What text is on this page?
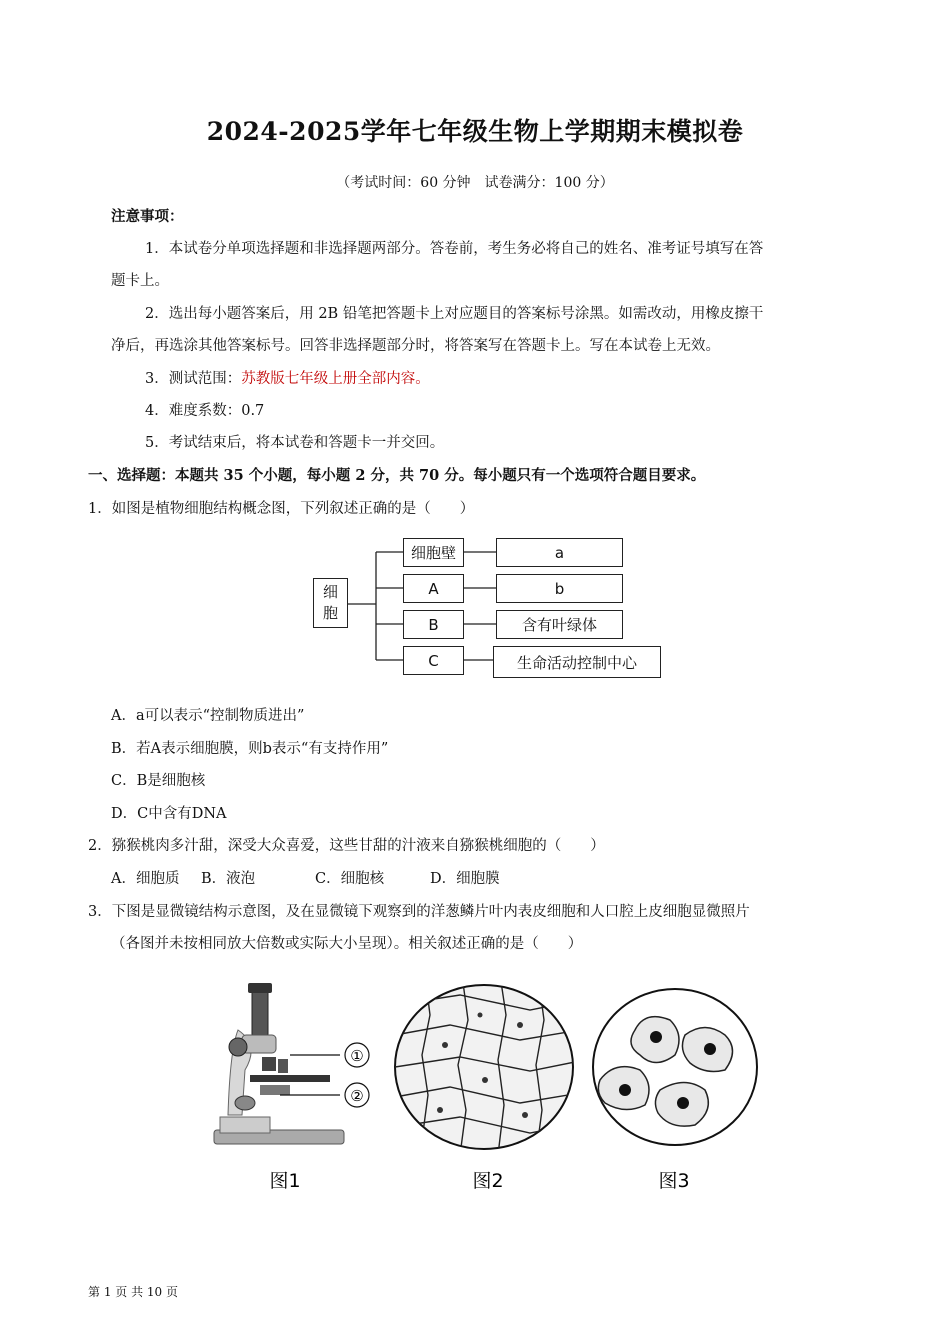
2024-2025学年七年级生物上学期期末模拟卷
（考试时间：60 分钟　试卷满分：100 分）
注意事项：
1．本试卷分单项选择题和非选择题两部分。答卷前，考生务必将自己的姓名、准考证号填写在答
题卡上。
2．选出每小题答案后，用 2B 铅笔把答题卡上对应题目的答案标号涂黑。如需改动，用橡皮擦干
净后，再选涂其他答案标号。回答非选择题部分时，将答案写在答题卡上。写在本试卷上无效。
3．测试范围：苏教版七年级上册全部内容。
4．难度系数：0.7
5．考试结束后，将本试卷和答题卡一并交回。
一、选择题：本题共 35 个小题，每小题 2 分，共 70 分。每小题只有一个选项符合题目要求。
1．如图是植物细胞结构概念图，下列叙述正确的是（　　）
细
胞
细胞壁
A
B
C
a
b
含有叶绿体
生命活动控制中心
A．a可以表示“控制物质进出”
B．若A表示细胞膜，则b表示“有支持作用”
C．B是细胞核
D．C中含有DNA
2．猕猴桃肉多汁甜，深受大众喜爱，这些甘甜的汁液来自猕猴桃细胞的（　　）
A．细胞质 B．液泡	C．细胞核	D．细胞膜
3．下图是显微镜结构示意图，及在显微镜下观察到的洋葱鳞片叶内表皮细胞和人口腔上皮细胞显微照片
（各图并未按相同放大倍数或实际大小呈现）。相关叙述正确的是（　　）
①
②
图1	图2	图3
第 1 页 共 10 页
